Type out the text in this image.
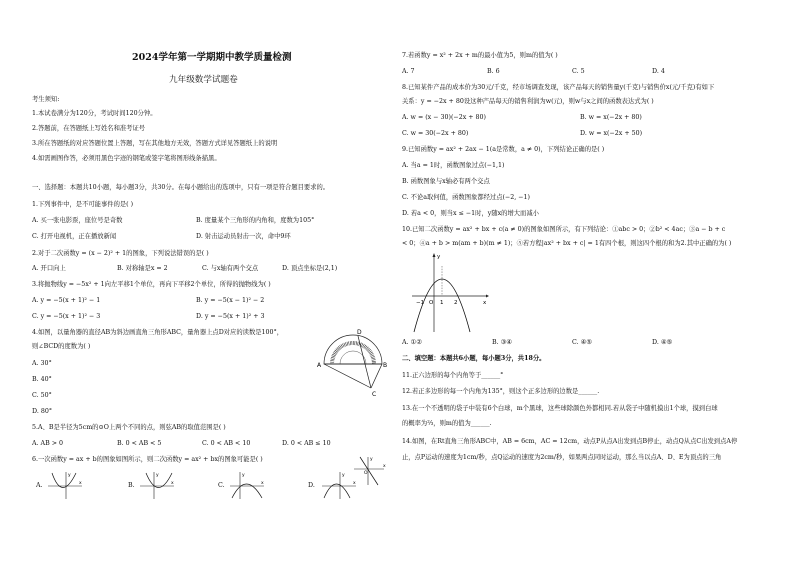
2024学年第一学期期中教学质量检测
九年级数学试题卷
考生须知:
1.本试卷满分为120分，考试时间120分钟。
2.答题前，在答题纸上写姓名和准考证号
3.所在答题纸的对应答题位置上答题，写在其他地方无效，答题方式详见答题纸上的说明
4.如需画图作答，必须用黑色字迹的钢笔或签字笔将图形线条描黑。
一、选择题：本题共10小题，每小题3分，共30分。在每小题给出的选项中，只有一项是符合题目要求的。
1.下列事件中，是不可能事件的是( )
A. 买一张电影票，座位号是奇数	B. 度量某个三角形的内角和，度数为105°
C. 打开电视机，正在播放新闻	D. 射击运动员射击一次，命中9环
2.对于二次函数y = (x − 2)² + 1的图象，下列说法错误的是( )
A. 开口向上	B. 对称轴是x = 2	C. 与x轴有两个交点	D. 顶点坐标是(2,1)
3.将抛物线y = −5x² + 1向左平移1个单位，再向下平移2个单位，所得的抛物线为( )
A. y = −5(x + 1)² − 1	B. y = −5(x − 1)² − 2
C. y = −5(x + 1)² − 3	D. y = −5(x + 1)² + 3
4.如图，以量角器的直径AB为斜边画直角三角形ABC，量角器上点D对应的读数是100°，
则∠BCD的度数为( )
A. 30°
B. 40°
C. 50°
D. 80°
A	B
C
D
5.A、B是半径为5cm的⊙O上两个不同的点，则弦AB的取值范围是( )
A. AB > 0	B. 0 < AB < 5	C. 0 < AB < 10	D. 0 < AB ≤ 10
6.一次函数y = ax + b的图象如图所示，则二次函数y = ax² + bx的图象可能是( )
x
y
O
A.	x
y
B.	x
y
C.	x
y
D.	x
y
7.若函数y = x² + 2x + m的最小值为5，则m的值为( )
A. 7	B. 6	C. 5	D. 4
8.已知某件产品的成本价为30元/千克，经市场调查发现，该产品每天的销售量y(千克)与销售价x(元/千克)有如下
关系：y = −2x + 80设这种产品每天的销售利润为w(元)，则w与x之间的函数表达式为( )
A. w = (x − 30)(−2x + 80)	B. w = x(−2x + 80)
C. w = 30(−2x + 80)	D. w = x(−2x + 50)
9.已知函数y = ax² + 2ax − 1(a是常数，a ≠ 0)，下列结论正确的是( )
A. 当a = 1时，函数图象过点(−1,1)
B. 函数图象与x轴必有两个交点
C. 不论a取何值，函数图象都经过点(−2, −1)
D. 若a < 0，则当x ≤ −1时，y随x的增大而减小
10.已知二次函数y = ax² + bx + c(a ≠ 0)的图象如图所示，有下列结论：①abc > 0；②b² < 4ac；③a − b + c
< 0；④a + b > m(am + b)(m ≠ 1)；⑤若方程|ax² + bx + c| = 1有四个根，则这四个根的和为2.其中正确的为( )
y
x
−1 O 1 2
A. ①②	B. ③④	C. ④⑤	D. ④⑤
二、填空题：本题共6小题，每小题3分，共18分。
11.正六边形的每个内角等于______°
12.若正多边形的每一个内角为135°，则这个正多边形的边数是______.
13.在一个不透明的袋子中装有6个白球，m个黑球，这些球除颜色外都相同.若从袋子中随机摸出1个球，摸到白球
的概率为⅔，则m的值为______.
14.如图，在Rt直角三角形ABC中，AB = 6cm，AC = 12cm，动点P从点A出发到点B停止，动点Q从点C出发到点A停
止，点P运动的速度为1cm/秒，点Q运动的速度为2cm/秒，如果两点同时运动，那么当以点A、D、E为顶点的三角
